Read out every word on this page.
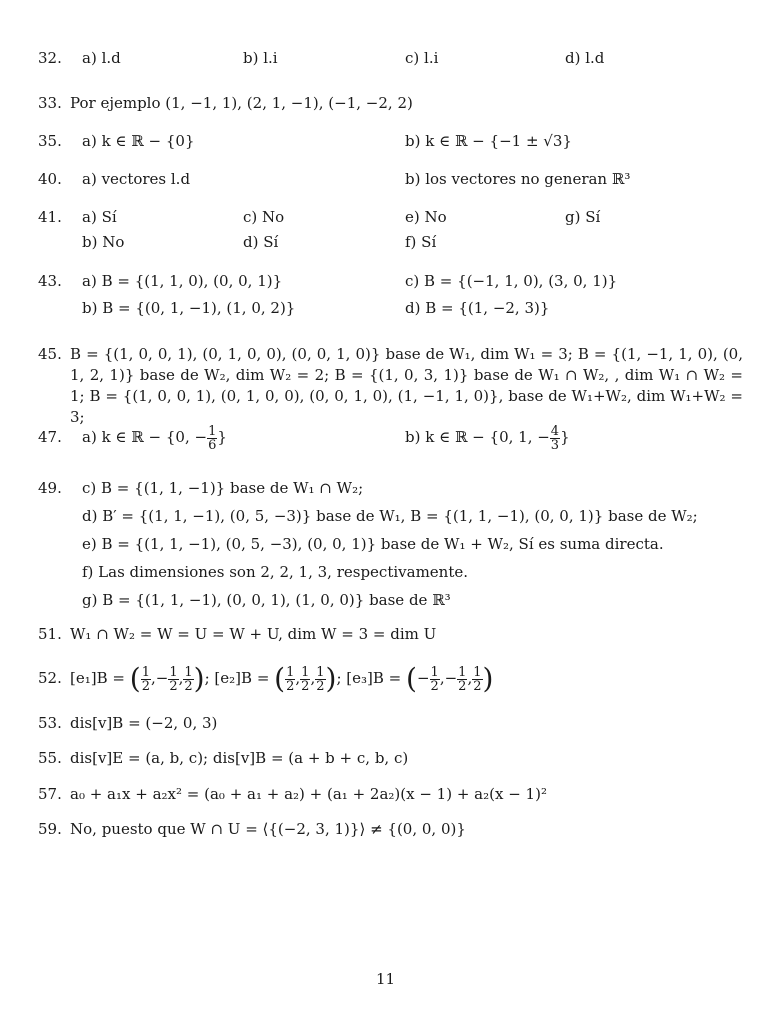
32. a) l.d	b) l.i	c) l.i	d) l.d
33. Por ejemplo (1, −1, 1), (2, 1, −1), (−1, −2, 2)
35. a) k ∈ ℝ − {0}	b) k ∈ ℝ − {−1 ± √3}
40. a) vectores l.d	b) los vectores no generan ℝ³
41. a) Sí	c) No	e) No	g) Sí
b) No	d) Sí	f) Sí
43. a) B = {(1, 1, 0), (0, 0, 1)}	c) B = {(−1, 1, 0), (3, 0, 1)}
b) B = {(0, 1, −1), (1, 0, 2)}	d) B = {(1, −2, 3)}
45. B = {(1, 0, 0, 1), (0, 1, 0, 0), (0, 0, 1, 0)} base de W₁, dim W₁ = 3; B = {(1, −1, 1, 0), (0, 1, 2, 1)} base de W₂, dim W₂ = 2; B = {(1, 0, 3, 1)} base de W₁ ∩ W₂, , dim W₁ ∩ W₂ = 1; B = {(1, 0, 0, 1), (0, 1, 0, 0), (0, 0, 1, 0), (1, −1, 1, 0)}, base de W₁+W₂, dim W₁+W₂ = 3;
47. a) k ∈ ℝ − {0, − $\frac{1}{6}$ }	b) k ∈ ℝ − {0, 1, − $\frac{4}{3}$ }
49. c) B = {(1, 1, −1)} base de W₁ ∩ W₂;
d) B′ = {(1, 1, −1), (0, 5, −3)} base de W₁, B = {(1, 1, −1), (0, 0, 1)} base de W₂;
e) B = {(1, 1, −1), (0, 5, −3), (0, 0, 1)} base de W₁ + W₂, Sí es suma directa.
f) Las dimensiones son 2, 2, 1, 3, respectivamente.
g) B = {(1, 1, −1), (0, 0, 1), (1, 0, 0)} base de ℝ³
51. W₁ ∩ W₂ = W = U = W + U, dim W = 3 = dim U
52. [e₁]B = ( $\frac{1}{2}$ ,− $\frac{1}{2}$ , $\frac{1}{2}$ ); [e₂]B = ( $\frac{1}{2}$ , $\frac{1}{2}$ , $\frac{1}{2}$ ); [e₃]B = (− $\frac{1}{2}$ ,− $\frac{1}{2}$ , $\frac{1}{2}$ )
53. dis[v]B = (−2, 0, 3)
55. dis[v]E = (a, b, c); dis[v]B = (a + b + c, b, c)
57. a₀ + a₁x + a₂x² = (a₀ + a₁ + a₂) + (a₁ + 2a₂)(x − 1) + a₂(x − 1)²
59. No, puesto que W ∩ U = ⟨{(−2, 3, 1)}⟩ ≠ {(0, 0, 0)}
11
